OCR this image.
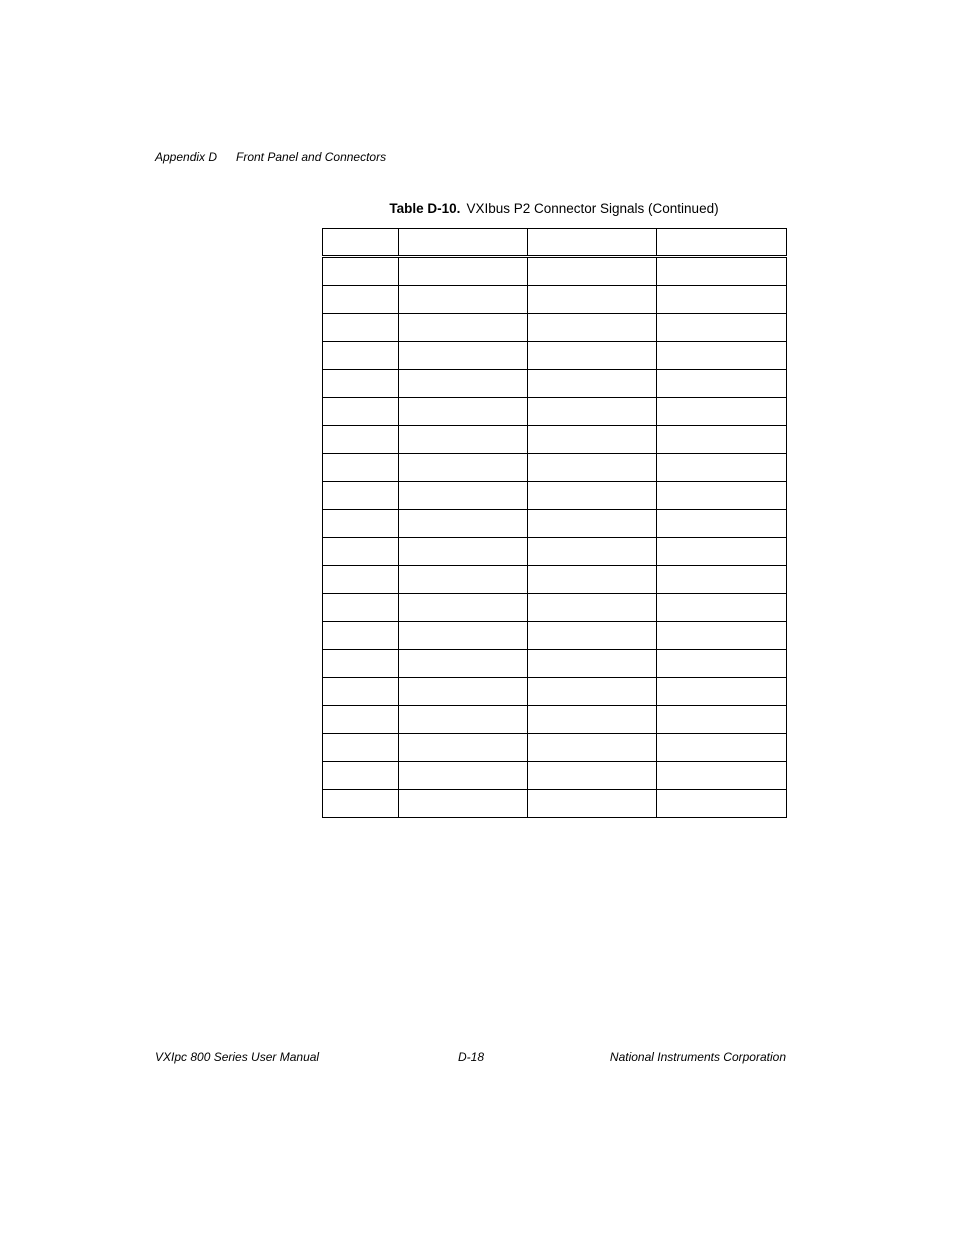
Appendix D Front Panel and Connectors
Table D-10. VXIbus P2 Connector Signals (Continued)

VXIpc 800 Series User Manual	D-18	National Instruments Corporation
